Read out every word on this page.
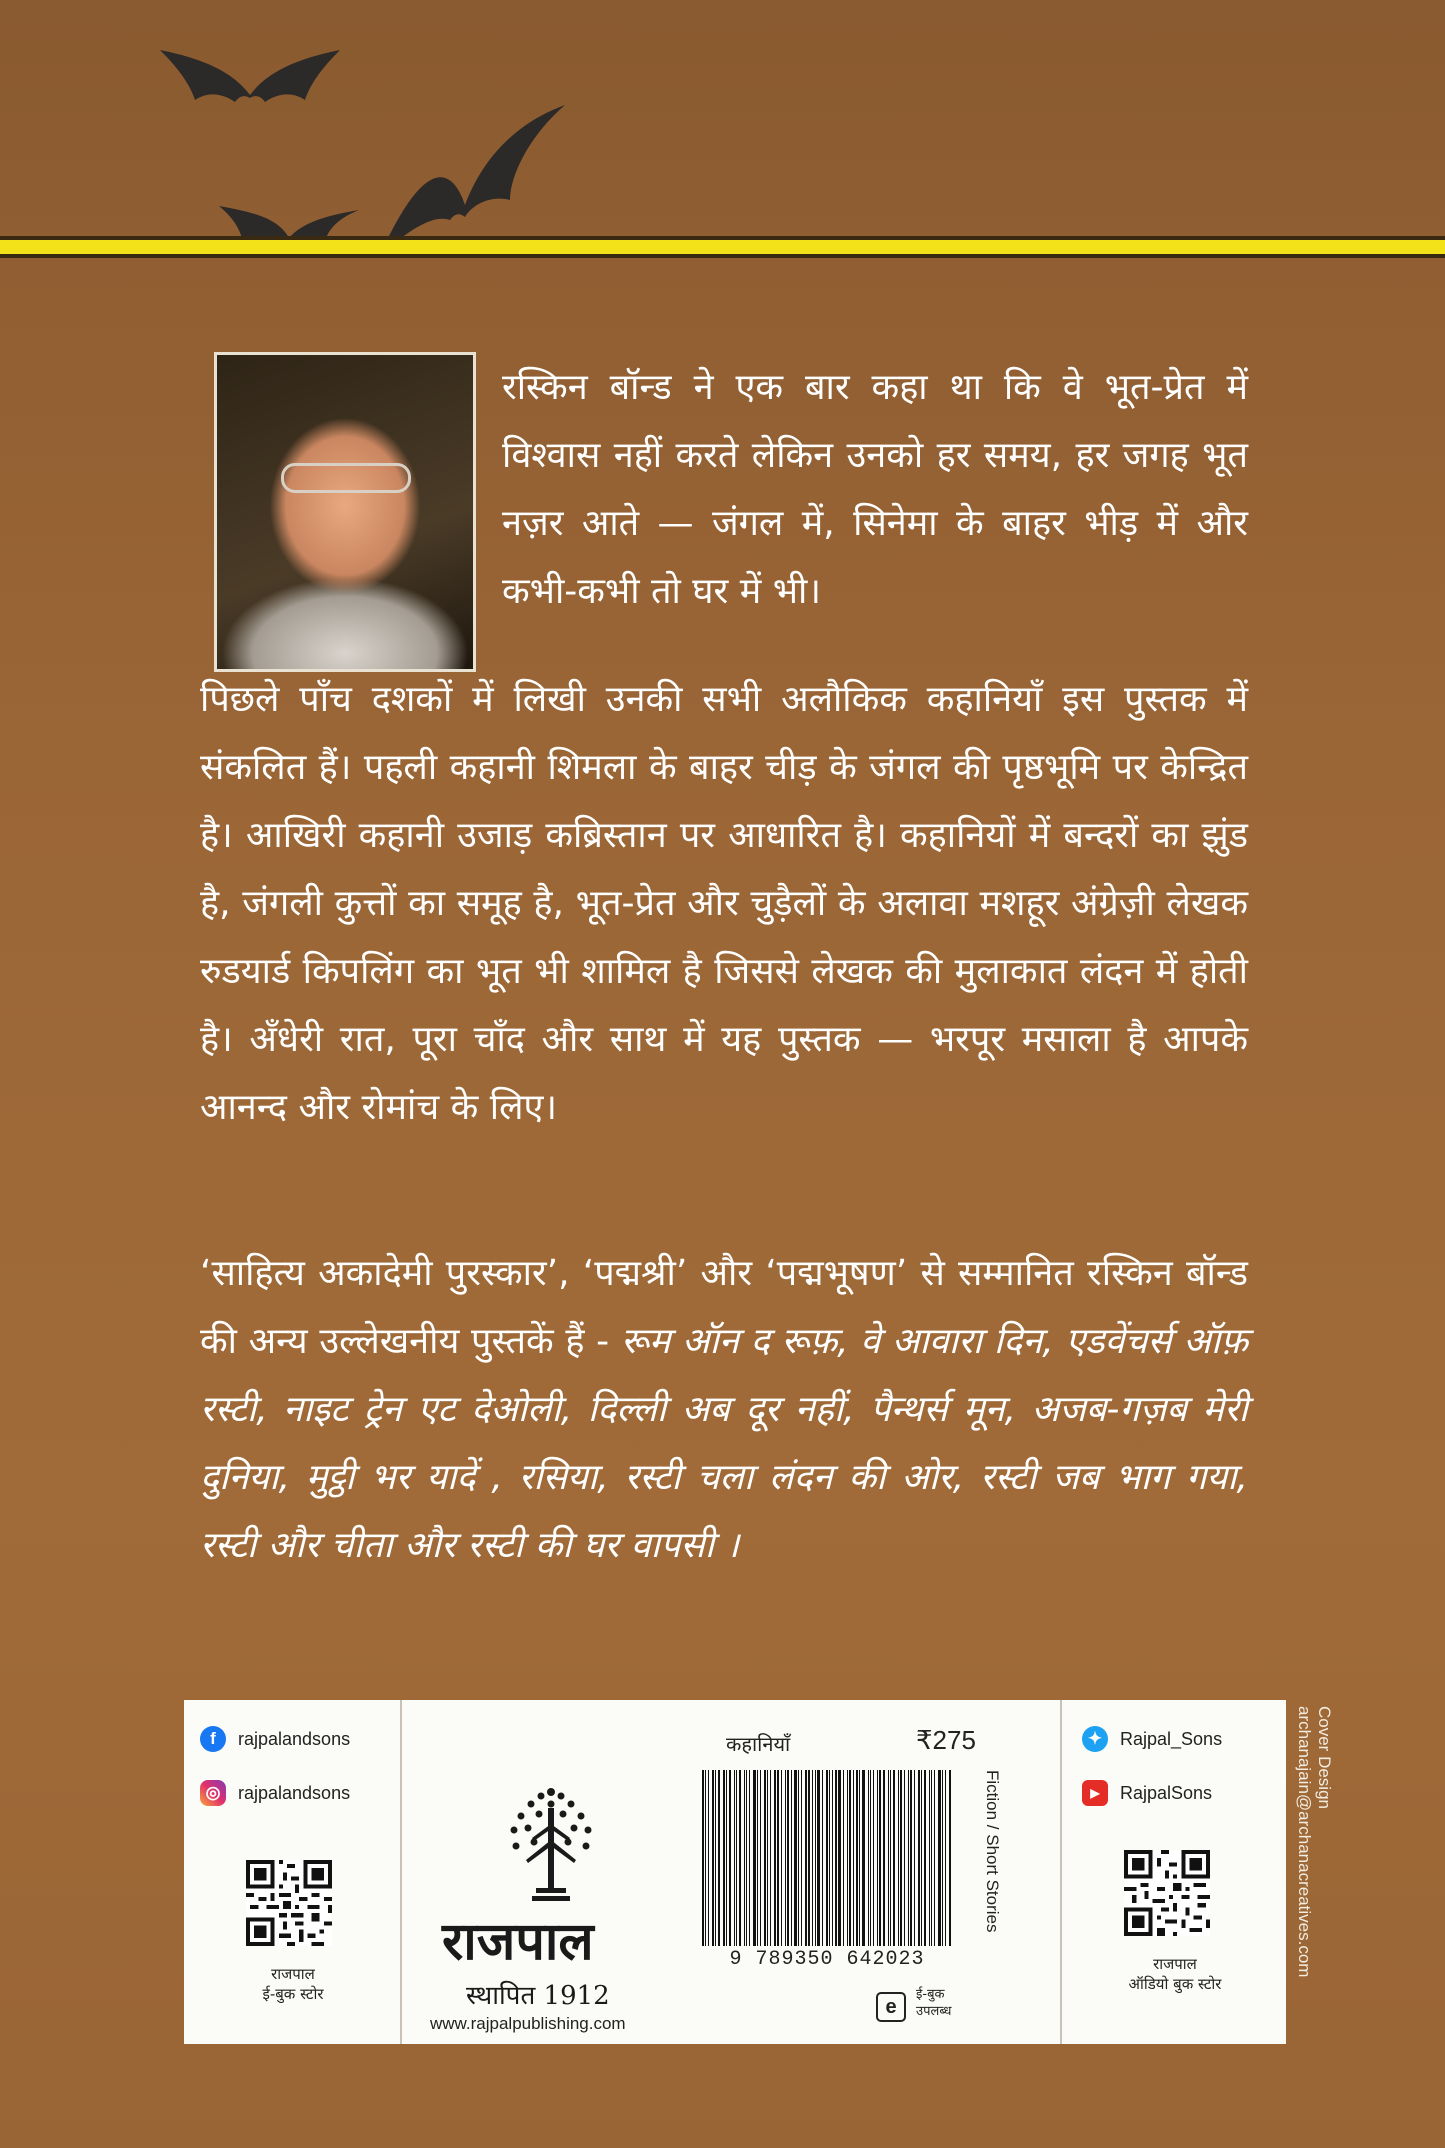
रस्किन बॉन्ड ने एक बार कहा था कि वे भूत-प्रेत में विश्वास नहीं करते लेकिन उनको हर समय, हर जगह भूत नज़र आते — जंगल में, सिनेमा के बाहर भीड़ में और कभी-कभी तो घर में भी।
पिछले पाँच दशकों में लिखी उनकी सभी अलौकिक कहानियाँ इस पुस्तक में संकलित हैं। पहली कहानी शिमला के बाहर चीड़ के जंगल की पृष्ठभूमि पर केन्द्रित है। आखिरी कहानी उजाड़ कब्रिस्तान पर आधारित है। कहानियों में बन्दरों का झुंड है, जंगली कुत्तों का समूह है, भूत-प्रेत और चुड़ैलों के अलावा मशहूर अंग्रेज़ी लेखक रुडयार्ड किपलिंग का भूत भी शामिल है जिससे लेखक की मुलाकात लंदन में होती है। अँधेरी रात, पूरा चाँद और साथ में यह पुस्तक — भरपूर मसाला है आपके आनन्द और रोमांच के लिए।
‘साहित्य अकादेमी पुरस्कार’, ‘पद्मश्री’ और ‘पद्मभूषण’ से सम्मानित रस्किन बॉन्ड की अन्य उल्लेखनीय पुस्तकें हैं - रूम ऑन द रूफ़, वे आवारा दिन, एडवेंचर्स ऑफ़ रस्टी, नाइट ट्रेन एट देओली, दिल्ली अब दूर नहीं, पैन्थर्स मून, अजब-गज़ब मेरी दुनिया, मुट्ठी भर यादें , रसिया, रस्टी चला लंदन की ओर, रस्टी जब भाग गया, रस्टी और चीता और रस्टी की घर वापसी ।
f	rajpalandsons
◎ rajpalandsons
राजपाल
ई-बुक स्टोर
राजपाल
स्थापित 1912
www.rajpalpublishing.com
कहानियाँ	₹275
9 789350 642023
Fiction / Short Stories
e
ई-बुक
उपलब्ध
✦ Rajpal_Sons
▶	RajpalSons
राजपाल
ऑडियो बुक स्टोर
Cover Design
archanajain@archanacreatives.com
